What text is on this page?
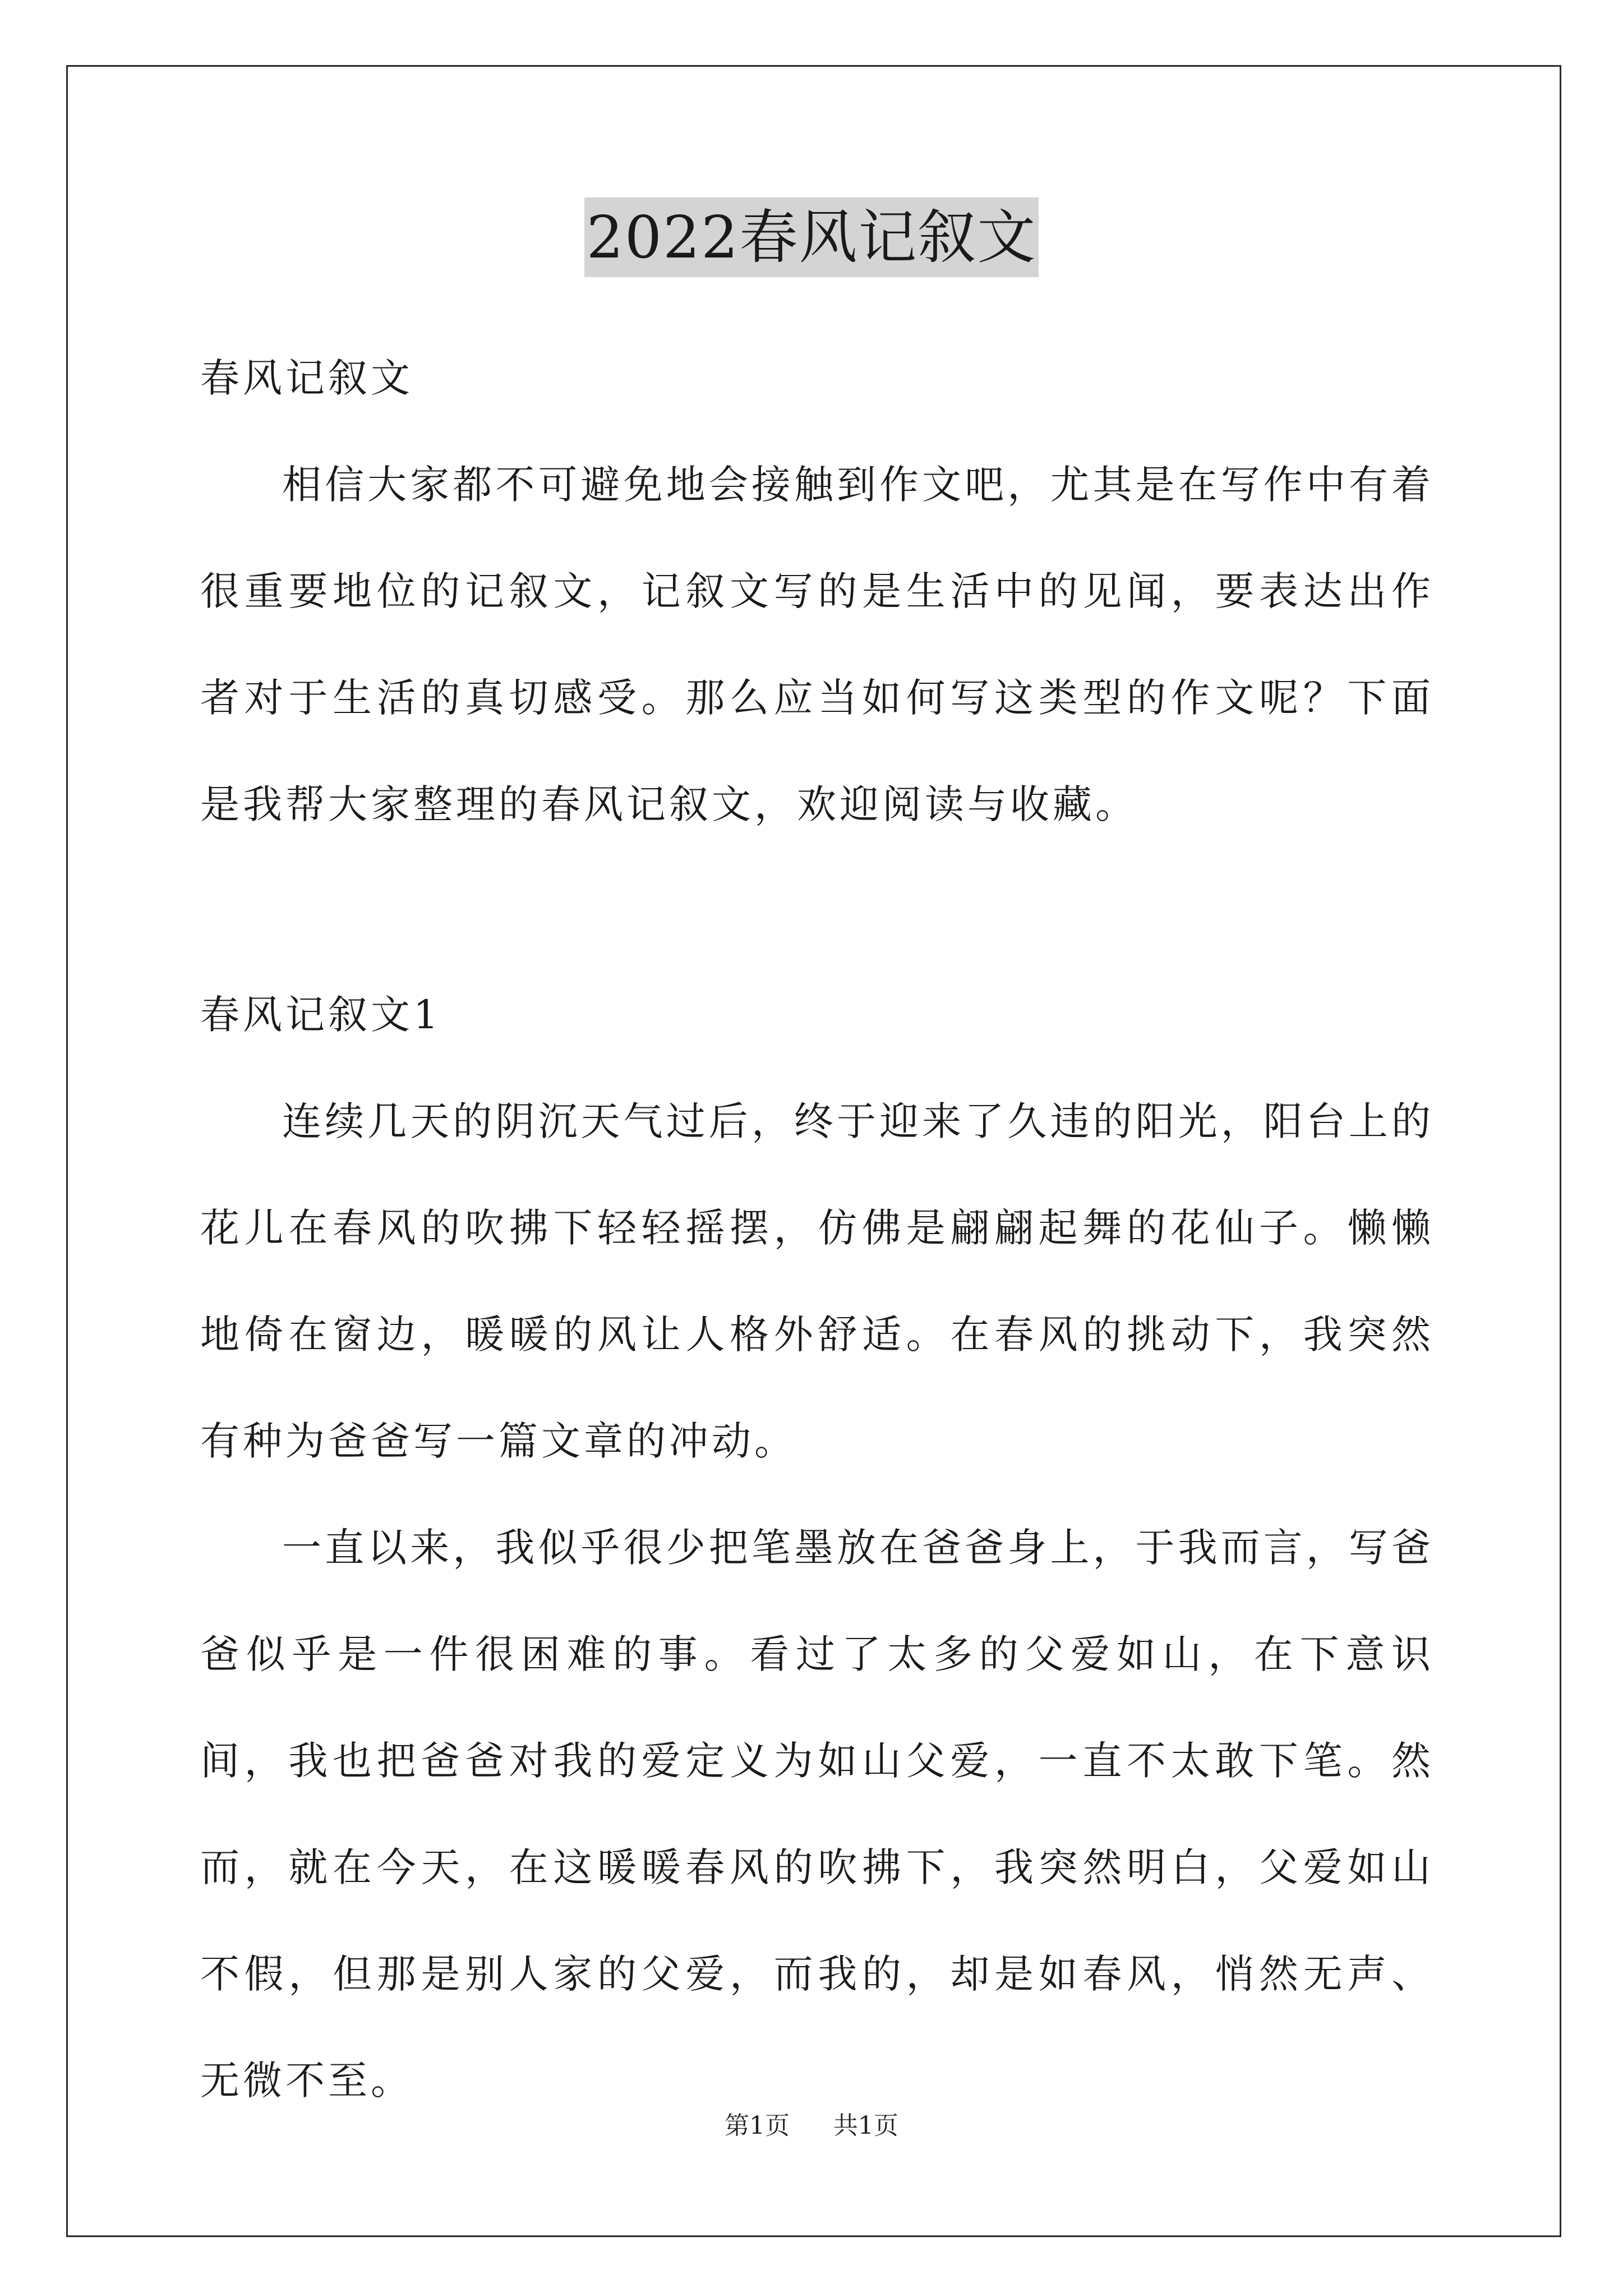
2022春风记叙文

春风记叙文

相信大家都不可避免地会接触到作文吧，尤其是在写作中有着很重要地位的记叙文，记叙文写的是生活中的见闻，要表达出作者对于生活的真切感受。那么应当如何写这类型的作文呢？下面是我帮大家整理的春风记叙文，欢迎阅读与收藏。

春风记叙文1

连续几天的阴沉天气过后，终于迎来了久违的阳光，阳台上的花儿在春风的吹拂下轻轻摇摆，仿佛是翩翩起舞的花仙子。懒懒地倚在窗边，暖暖的风让人格外舒适。在春风的挑动下，我突然有种为爸爸写一篇文章的冲动。

一直以来，我似乎很少把笔墨放在爸爸身上，于我而言，写爸爸似乎是一件很困难的事。看过了太多的父爱如山，在下意识间，我也把爸爸对我的爱定义为如山父爱，一直不太敢下笔。然而，就在今天，在这暖暖春风的吹拂下，我突然明白，父爱如山不假，但那是别人家的父爱，而我的，却是如春风，悄然无声、无微不至。

第1页 共1页
